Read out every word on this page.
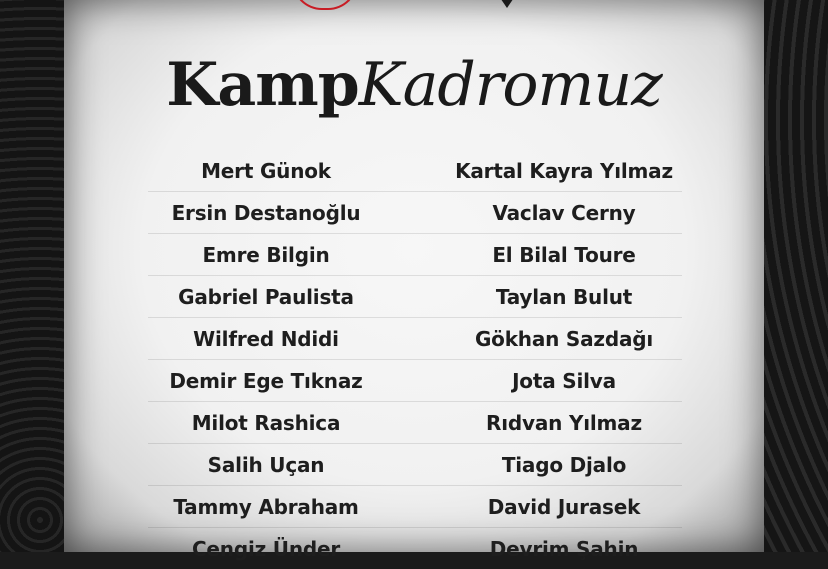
KampKadromuz
Mert Günok	Kartal Kayra Yılmaz
Ersin Destanoğlu	Vaclav Cerny
Emre Bilgin	El Bilal Toure
Gabriel Paulista	Taylan Bulut
Wilfred Ndidi	Gökhan Sazdağı
Demir Ege Tıknaz	Jota Silva
Milot Rashica	Rıdvan Yılmaz
Salih Uçan	Tiago Djalo
Tammy Abraham	David Jurasek
Cengiz Ünder	Devrim Şahin
